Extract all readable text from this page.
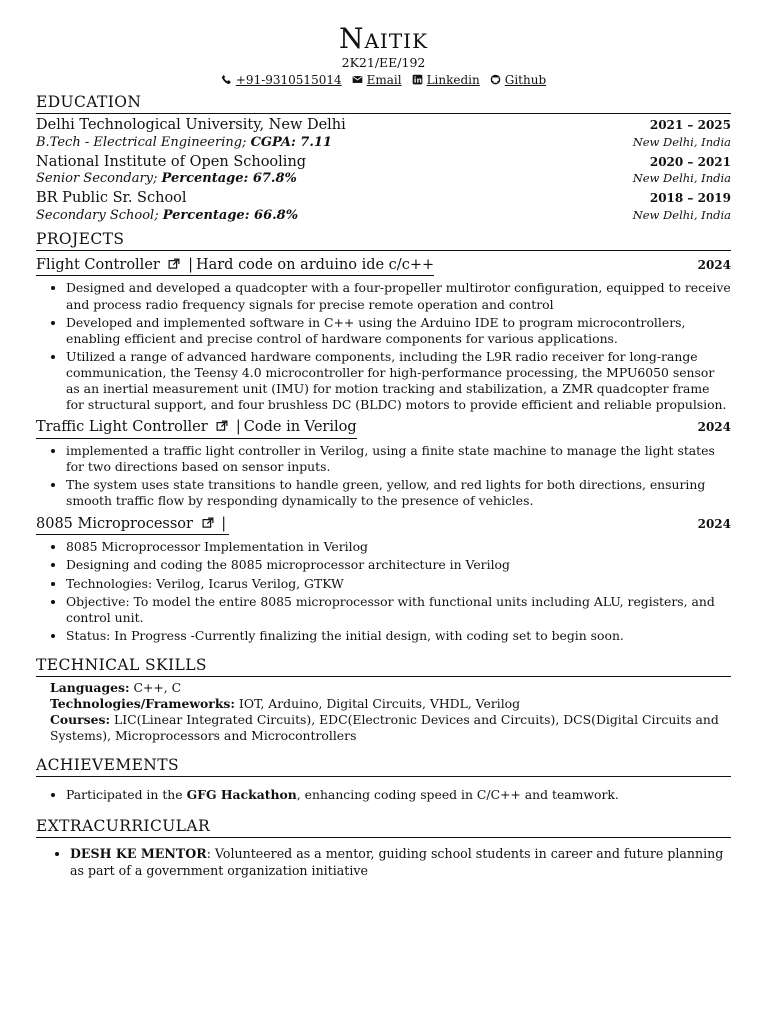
Naitik
2K21/EE/192
+91-9310515014 Email Linkedin Github
EDUCATION
Delhi Technological University, New Delhi	2021 – 2025
B.Tech - Electrical Engineering; CGPA: 7.11	New Delhi, India
National Institute of Open Schooling	2020 – 2021
Senior Secondary; Percentage: 67.8%	New Delhi, India
BR Public Sr. School	2018 – 2019
Secondary School; Percentage: 66.8%	New Delhi, India
PROJECTS
Flight Controller | Hard code on arduino ide c/c++	2024
• Designed and developed a quadcopter with a four-propeller multirotor configuration, equipped to receive and process radio frequency signals for precise remote operation and control
• Developed and implemented software in C++ using the Arduino IDE to program microcontrollers, enabling efficient and precise control of hardware components for various applications.
• Utilized a range of advanced hardware components, including the L9R radio receiver for long-range communication, the Teensy 4.0 microcontroller for high-performance processing, the MPU6050 sensor as an inertial measurement unit (IMU) for motion tracking and stabilization, a ZMR quadcopter frame for structural support, and four brushless DC (BLDC) motors to provide efficient and reliable propulsion.
Traffic Light Controller | Code in Verilog	2024
• implemented a traffic light controller in Verilog, using a finite state machine to manage the light states for two directions based on sensor inputs.
• The system uses state transitions to handle green, yellow, and red lights for both directions, ensuring smooth traffic flow by responding dynamically to the presence of vehicles.
8085 Microprocessor |	2024
• 8085 Microprocessor Implementation in Verilog
• Designing and coding the 8085 microprocessor architecture in Verilog
• Technologies: Verilog, Icarus Verilog, GTKW
• Objective: To model the entire 8085 microprocessor with functional units including ALU, registers, and control unit.
• Status: In Progress -Currently finalizing the initial design, with coding set to begin soon.
TECHNICAL SKILLS
Languages: C++, C
Technologies/Frameworks: IOT, Arduino, Digital Circuits, VHDL, Verilog
Courses: LIC(Linear Integrated Circuits), EDC(Electronic Devices and Circuits), DCS(Digital Circuits and Systems), Microprocessors and Microcontrollers
ACHIEVEMENTS
• Participated in the GFG Hackathon, enhancing coding speed in C/C++ and teamwork.
EXTRACURRICULAR
• DESH KE MENTOR: Volunteered as a mentor, guiding school students in career and future planning as part of a government organization initiative
